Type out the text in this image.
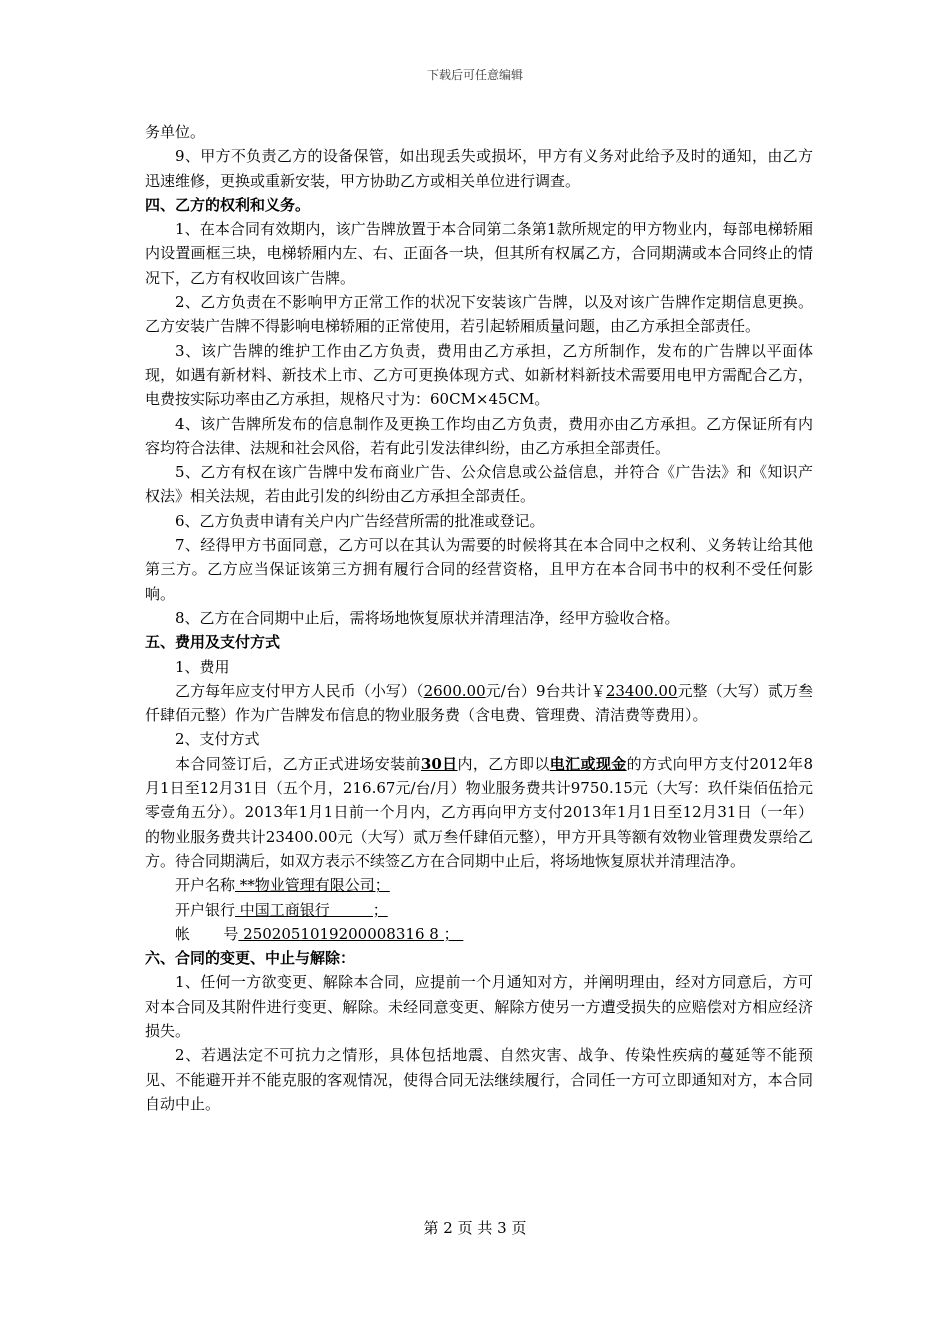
下载后可任意编辑

务单位。

9、甲方不负责乙方的设备保管，如出现丢失或损坏，甲方有义务对此给予及时的通知，由乙方迅速维修，更换或重新安装，甲方协助乙方或相关单位进行调查。

四、乙方的权利和义务。

1、在本合同有效期内，该广告牌放置于本合同第二条第1款所规定的甲方物业内，每部电梯轿厢内设置画框三块，电梯轿厢内左、右、正面各一块，但其所有权属乙方，合同期满或本合同终止的情况下，乙方有权收回该广告牌。

2、乙方负责在不影响甲方正常工作的状况下安装该广告牌，以及对该广告牌作定期信息更换。乙方安装广告牌不得影响电梯轿厢的正常使用，若引起轿厢质量问题，由乙方承担全部责任。

3、该广告牌的维护工作由乙方负责，费用由乙方承担，乙方所制作，发布的广告牌以平面体现，如遇有新材料、新技术上市、乙方可更换体现方式、如新材料新技术需要用电甲方需配合乙方，电费按实际功率由乙方承担，规格尺寸为：60CM×45CM。

4、该广告牌所发布的信息制作及更换工作均由乙方负责，费用亦由乙方承担。乙方保证所有内容均符合法律、法规和社会风俗，若有此引发法律纠纷，由乙方承担全部责任。

5、乙方有权在该广告牌中发布商业广告、公众信息或公益信息，并符合《广告法》和《知识产权法》相关法规，若由此引发的纠纷由乙方承担全部责任。

6、乙方负责申请有关户内广告经营所需的批准或登记。

7、经得甲方书面同意，乙方可以在其认为需要的时候将其在本合同中之权利、义务转让给其他第三方。乙方应当保证该第三方拥有履行合同的经营资格，且甲方在本合同书中的权利不受任何影响。

8、乙方在合同期中止后，需将场地恢复原状并清理洁净，经甲方验收合格。

五、费用及支付方式

1、费用

乙方每年应支付甲方人民币（小写）（2600.00元/台）9台共计￥23400.00元整（大写）贰万叁仟肆佰元整）作为广告牌发布信息的物业服务费（含电费、管理费、清洁费等费用）。

2、支付方式

本合同签订后，乙方正式进场安装前30日内，乙方即以电汇或现金的方式向甲方支付2012年8月1日至12月31日（五个月，216.67元/台/月）物业服务费共计9750.15元（大写：玖仟柒佰伍拾元零壹角五分）。2013年1月1日前一个月内，乙方再向甲方支付2013年1月1日至12月31日（一年）的物业服务费共计23400.00元（大写）贰万叁仟肆佰元整），甲方开具等额有效物业管理费发票给乙方。待合同期满后，如双方表示不续签乙方在合同期中止后，将场地恢复原状并清理洁净。

开户名称 **物业管理有限公司；

开户银行 中国工商银行         ；

帐       号 2502051019200008316 8 ；

六、合同的变更、中止与解除：

1、任何一方欲变更、解除本合同，应提前一个月通知对方，并阐明理由，经对方同意后，方可对本合同及其附件进行变更、解除。未经同意变更、解除方使另一方遭受损失的应赔偿对方相应经济损失。

2、若遇法定不可抗力之情形，具体包括地震、自然灾害、战争、传染性疾病的蔓延等不能预见、不能避开并不能克服的客观情况，使得合同无法继续履行，合同任一方可立即通知对方，本合同自动中止。

第 2 页 共 3 页
